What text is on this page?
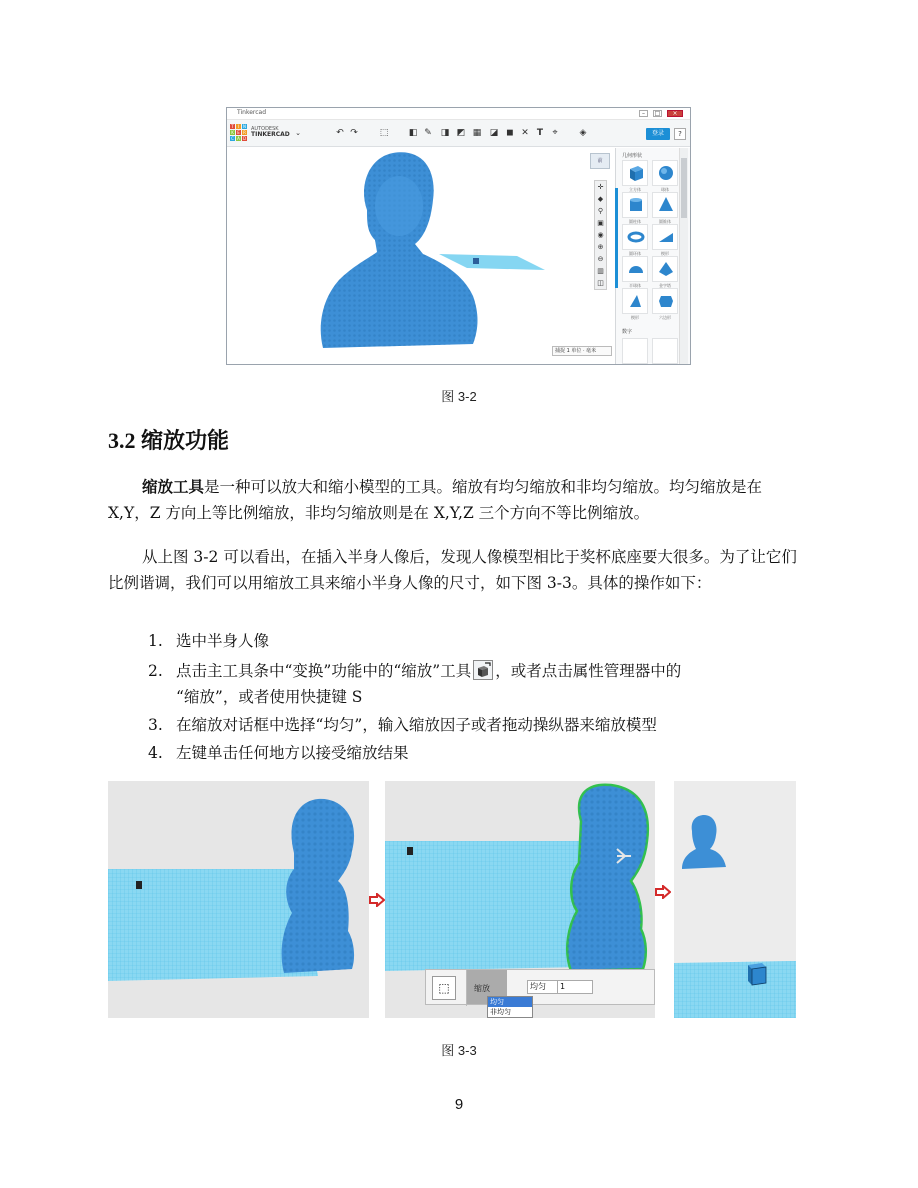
Tinkercad	–	□	×
T	I N
K E R
C A D
AUTODESK
TINKERCAD ⌄	↶ ↷ ⬚ ◧ ✎ ◨ ◩ ▦ ◪ ◼ ✕ T ⌖ ◈	登录	?
前
✛
◆
⚲
▣
◉
⊕
⊖
▥
◫
捕捉 1 单位 · 毫米
几何形状
立方体	球体
圆柱体	圆锥体
圆环体	楔形
半球体	金字塔
楔形	六边形
数字
图 3-2
3.2 缩放功能
缩放工具是一种可以放大和缩小模型的工具。缩放有均匀缩放和非均匀缩放。均匀缩放是在 X,Y，Z 方向上等比例缩放，非均匀缩放则是在 X,Y,Z 三个方向不等比例缩放。
从上图 3-2 可以看出，在插入半身人像后，发现人像模型相比于奖杯底座要大很多。为了让它们比例谐调，我们可以用缩放工具来缩小半身人像的尺寸，如下图 3-3。具体的操作如下：
1. 选中半身人像
2. 点击主工具条中“变换”功能中的“缩放”工具 ，或者点击属性管理器中的
“缩放”，或者使用快捷键 S
3. 在缩放对话框中选择“均匀”，输入缩放因子或者拖动操纵器来缩放模型
4. 左键单击任何地方以接受缩放结果
⬚	缩放	均匀	1
均匀
非均匀
图 3-3
9
